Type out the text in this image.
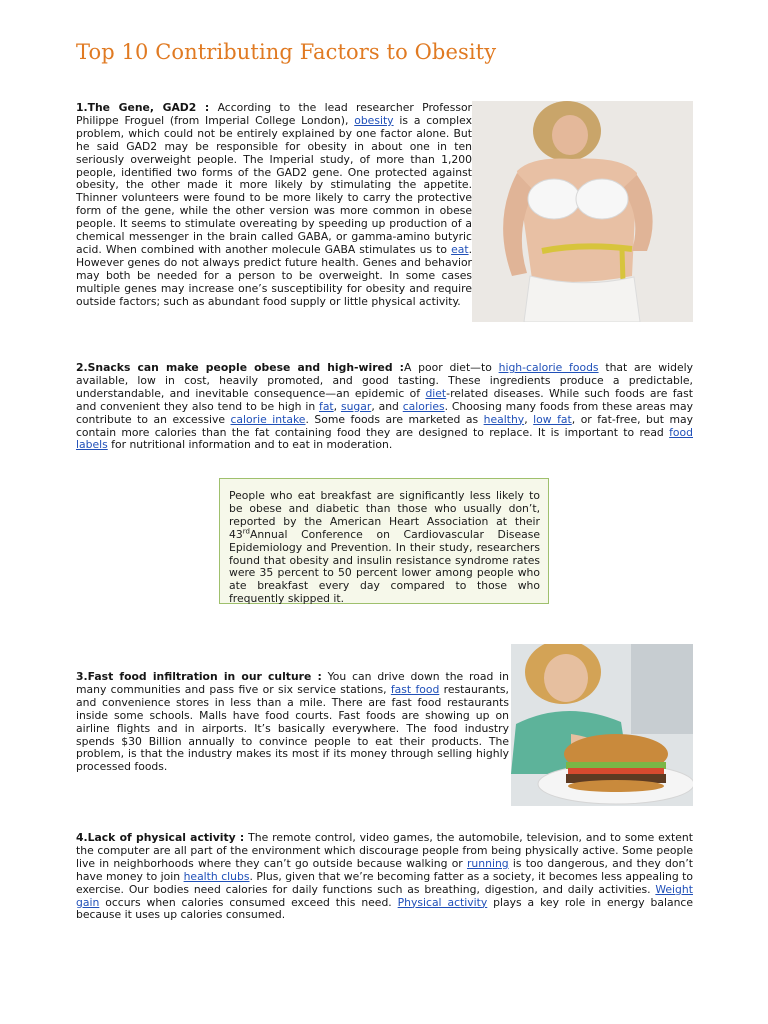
Top 10 Contributing Factors to Obesity

1.The Gene, GAD2 : According to the lead researcher Professor Philippe Froguel (from Imperial College London), obesity is a complex problem, which could not be entirely explained by one factor alone. But he said GAD2 may be responsible for obesity in about one in ten seriously overweight people. The Imperial study, of more than 1,200 people, identified two forms of the GAD2 gene. One protected against obesity, the other made it more likely by stimulating the appetite. Thinner volunteers were found to be more likely to carry the protective form of the gene, while the other version was more common in obese people. It seems to stimulate overeating by speeding up production of a chemical messenger in the brain called GABA, or gamma-amino butyric acid. When combined with another molecule GABA stimulates us to eat. However genes do not always predict future health. Genes and behavior may both be needed for a person to be overweight. In some cases multiple genes may increase one’s susceptibility for obesity and require outside factors; such as abundant food supply or little physical activity.

2.Snacks can make people obese and high-wired :A poor diet—to high-calorie foods that are widely available, low in cost, heavily promoted, and good tasting. These ingredients produce a predictable, understandable, and inevitable consequence—an epidemic of diet-related diseases. While such foods are fast and convenient they also tend to be high in fat, sugar, and calories. Choosing many foods from these areas may contribute to an excessive calorie intake. Some foods are marketed as healthy, low fat, or fat-free, but may contain more calories than the fat containing food they are designed to replace. It is important to read food labels for nutritional information and to eat in moderation.

People who eat breakfast are significantly less likely to be obese and diabetic than those who usually don’t, reported by the American Heart Association at their 43rdAnnual Conference on Cardiovascular Disease Epidemiology and Prevention. In their study, researchers found that obesity and insulin resistance syndrome rates were 35 percent to 50 percent lower among people who ate breakfast every day compared to those who frequently skipped it.

3.Fast food infiltration in our culture : You can drive down the road in many communities and pass five or six service stations, fast food restaurants, and convenience stores in less than a mile. There are fast food restaurants inside some schools. Malls have food courts. Fast foods are showing up on airline flights and in airports. It’s basically everywhere. The food industry spends $30 Billion annually to convince people to eat their products. The problem, is that the industry makes its most if its money through selling highly processed foods.

4.Lack of physical activity : The remote control, video games, the automobile, television, and to some extent the computer are all part of the environment which discourage people from being physically active. Some people live in neighborhoods where they can’t go outside because walking or running is too dangerous, and they don’t have money to join health clubs. Plus, given that we’re becoming fatter as a society, it becomes less appealing to exercise. Our bodies need calories for daily functions such as breathing, digestion, and daily activities. Weight gain occurs when calories consumed exceed this need. Physical activity plays a key role in energy balance because it uses up calories consumed.
